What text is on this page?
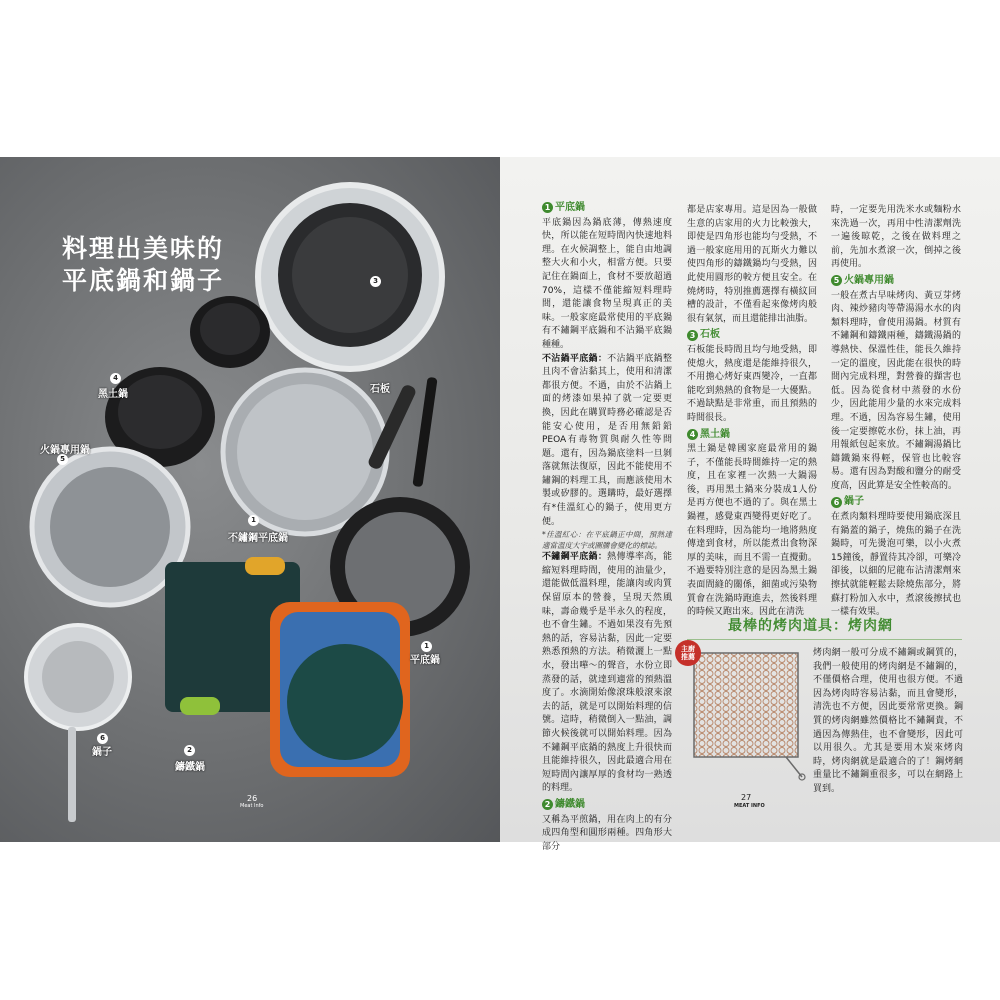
料理出美味的
平底鍋和鍋子	3
石板
4
黑土鍋
5
火鍋專用鍋
1
不鏽鋼平底鍋
1
平底鍋
6
鍋子	2
鑄鐵鍋
26
Meat Info
1 平底鍋

平底鍋因為鍋底薄，傳熱速度快，所以能在短時間內快速地料理。在火候調整上，能自由地調整大火和小火，相當方便。只要記住在鍋面上，食材不要放超過70%，這樣不僅能縮短料理時間，還能讓食物呈現真正的美味。一般家庭最常使用的平底鍋有不鏽鋼平底鍋和不沾鍋平底鍋種種。

不沾鍋平底鍋：不沾鍋平底鍋整且肉不會沾黏其上，使用和清潔都很方便。不過，由於不沾鍋上面的烤漆如果掉了就一定要更換，因此在購買時務必確認是否能安心使用，是否用無鉛鉛PEOA有毒物質與耐久性等問題。還有，因為鍋底塗料一旦剝落就無法復原，因此不能使用不鏽鋼的料理工具，而應該使用木製或矽膠的。選購時，最好選擇有*佳溫紅心的鍋子，使用更方便。

*佳溫紅心：在平底鍋正中間，預熱達適當溫度大宇或圖騰會變化的標誌。

不鏽鋼平底鍋：熱傳導率高，能縮短料理時間，使用的油量少，還能做低溫料理，能讓肉或肉質保留原本的營養，呈現天然風味，壽命幾乎是半永久的程度，也不會生鏽。不過如果沒有先預熱的話，容易沾黏，因此一定要熟悉預熱的方法。稍微灑上一點水，發出嘩～的聲音，水份立即蒸發的話，就達到適當的預熱溫度了。水滴開始像滾珠般滾來滾去的話，就是可以開始料理的信號。這時，稍微倒入一點油，調節火候後就可以開始料理。因為不鏽鋼平底鍋的熱度上升很快而且能維持很久，因此最適合用在短時間內讓厚厚的食材均一熟透的料理。

2 鑄鐵鍋

又稱為平煎鍋，用在肉上的有分成四角型和圓形兩種。四角形大部分

都是店家專用。這是因為一般做生意的店家用的火力比較強大，即使是四角形也能均勻受熱，不過一般家庭用用的瓦斯火力難以使四角形的鑄鐵鍋均勻受熱，因此使用圓形的較方便且安全。在燒烤時，特別推薦選擇有橫紋回槽的設計，不僅看起來像烤肉般很有氣氛，而且還能排出油脂。

3 石板

石板能長時間且均勻地受熱，即使熄火，熱度還是能維持很久，不用擔心烤好東西變冷，一直都能吃到熱熱的食物是一大優點。不過缺點是非常重，而且預熱的時間很長。

4 黑土鍋

黑土鍋是韓國家庭最常用的鍋子，不僅能長時間維持一定的熱度，且在家裡一次熱一大鍋湯後，再用黑土鍋來分裝成1人份是再方便也不過的了。與在黑土鍋裡，感覺東西變得更好吃了。在料理時，因為能均一地將熱度傳達到食材，所以能煮出食物深厚的美味，而且不需一直攪動。不過要特別注意的是因為黑土鍋表面間縫的關係，細菌或污染物質會在洗鍋時跑進去，然後料理的時候又跑出來。因此在清洗

時，一定要先用洗米水或麵粉水來洗過一次，再用中性清潔劑洗一遍後晾乾，之後在做料理之前，先加水煮滾一次，倒掉之後再使用。

5 火鍋專用鍋

一般在煮古早味烤肉、黃豆芽烤肉、辣炒豬肉等帶湯湯水水的肉類料理時，會使用湯鍋。材質有不鏽鋼和鑄鐵兩種，鑄鐵湯鍋的導熱快、保溫性佳，能長久維持一定的溫度，因此能在很快的時間內完成料理，對營養的擷害也低。因為從食材中蒸發的水份少，因此能用少量的水來完成料理。不過，因為容易生鏽，使用後一定要擦乾水份，抹上油，再用報紙包起來放。不鏽鋼湯鍋比鑄鐵鍋來得輕，保管也比較容易。還有因為對酸和鹽分的耐受度高，因此算是安全性較高的。

6 鍋子

在煮肉類料理時要使用鍋底深且有鍋蓋的鍋子，燒焦的鍋子在洗鍋時，可先燙泡可樂，以小火煮15鐘後，靜置待其冷卻，可樂冷卻後，以細的尼龍布沾清潔劑來擦拭就能輕鬆去除燒焦部分，將蘇打粉加入水中，煮滾後擦拭也一樣有效果。

最棒的烤肉道具：烤肉網
主廚
推薦	烤肉網一般可分成不鏽鋼或鋼質的，我們一般使用的烤肉網是不鏽鋼的，不僅價格合理，使用也很方便。不過因為烤肉時容易沾黏，而且會變形，清洗也不方便，因此要常常更換。鋼質的烤肉網雖然價格比不鏽鋼貴，不過因為傳熱佳，也不會變形，因此可以用很久。尤其是要用木炭來烤肉時，烤肉網就是最適合的了！鋼烤網重量比不鏽鋼重很多，可以在網路上買到。
27
MEAT INFO
